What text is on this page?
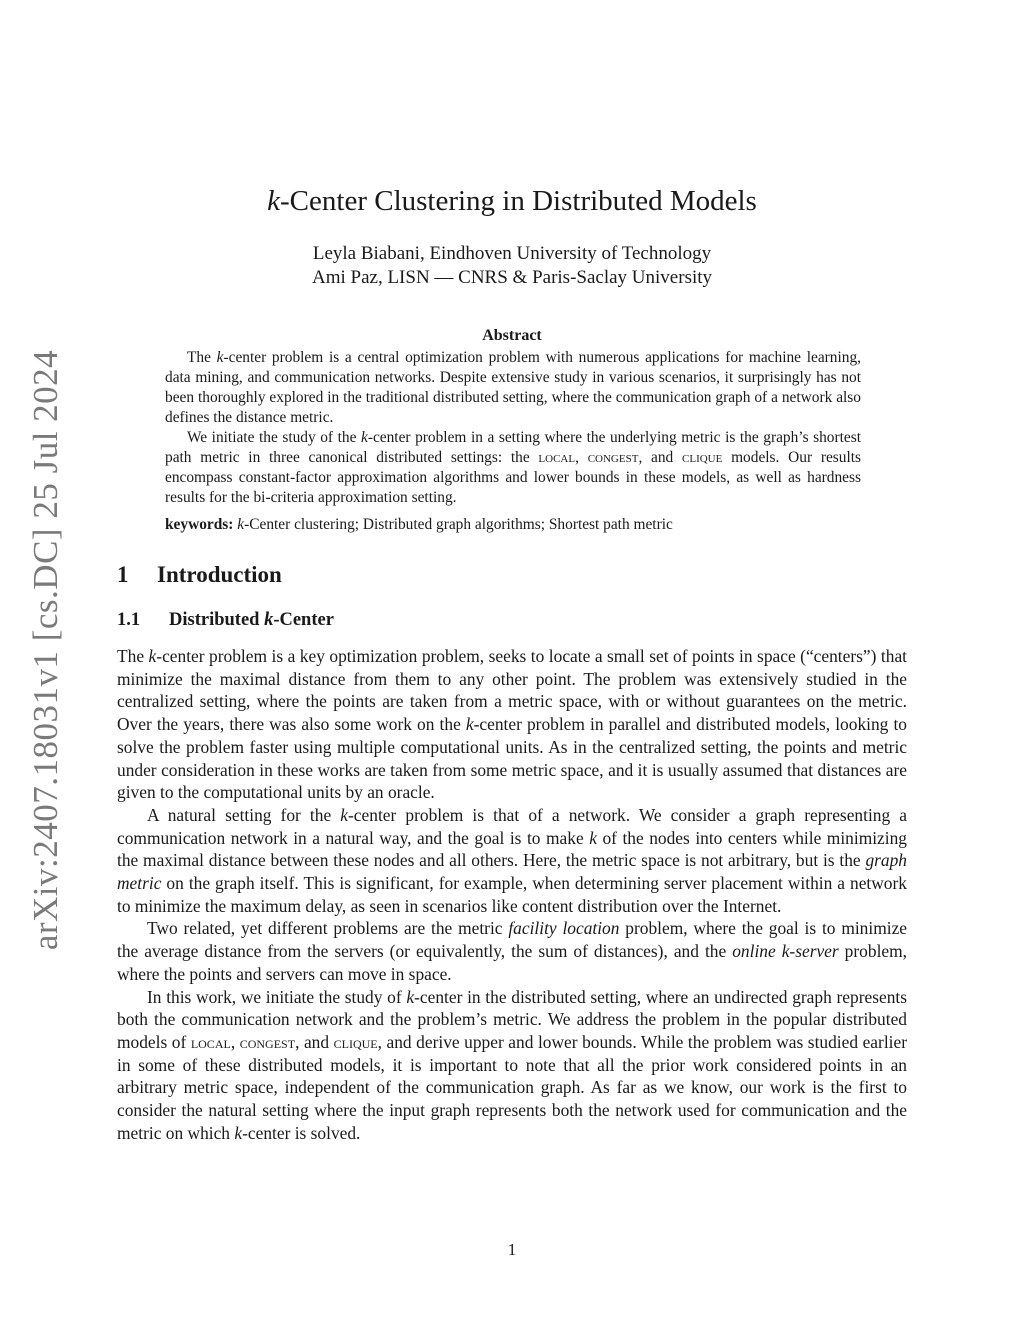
arXiv:2407.18031v1 [cs.DC] 25 Jul 2024
k-Center Clustering in Distributed Models
Leyla Biabani, Eindhoven University of Technology
Ami Paz, LISN — CNRS & Paris-Saclay University
Abstract

The k-center problem is a central optimization problem with numerous applications for machine learning, data mining, and communication networks. Despite extensive study in various scenarios, it surprisingly has not been thoroughly explored in the traditional distributed setting, where the communication graph of a network also defines the distance metric.

We initiate the study of the k-center problem in a setting where the underlying metric is the graph’s shortest path metric in three canonical distributed settings: the local, congest, and clique models. Our results encompass constant-factor approximation algorithms and lower bounds in these models, as well as hardness results for the bi-criteria approximation setting.

keywords: k-Center clustering; Distributed graph algorithms; Shortest path metric

1 Introduction
1.1 Distributed k-Center

The k-center problem is a key optimization problem, seeks to locate a small set of points in space (“centers”) that minimize the maximal distance from them to any other point. The problem was extensively studied in the centralized setting, where the points are taken from a metric space, with or without guarantees on the metric. Over the years, there was also some work on the k-center problem in parallel and distributed models, looking to solve the problem faster using multiple computational units. As in the centralized setting, the points and metric under consideration in these works are taken from some metric space, and it is usually assumed that distances are given to the computational units by an oracle.

A natural setting for the k-center problem is that of a network. We consider a graph representing a communication network in a natural way, and the goal is to make k of the nodes into centers while minimizing the maximal distance between these nodes and all others. Here, the metric space is not arbitrary, but is the graph metric on the graph itself. This is significant, for example, when determining server placement within a network to minimize the maximum delay, as seen in scenarios like content distribution over the Internet.

Two related, yet different problems are the metric facility location problem, where the goal is to minimize the average distance from the servers (or equivalently, the sum of distances), and the online k-server problem, where the points and servers can move in space.

In this work, we initiate the study of k-center in the distributed setting, where an undirected graph represents both the communication network and the problem’s metric. We address the problem in the popular distributed models of local, congest, and clique, and derive upper and lower bounds. While the problem was studied earlier in some of these distributed models, it is important to note that all the prior work considered points in an arbitrary metric space, independent of the communication graph. As far as we know, our work is the first to consider the natural setting where the input graph represents both the network used for communication and the metric on which k-center is solved.

1
